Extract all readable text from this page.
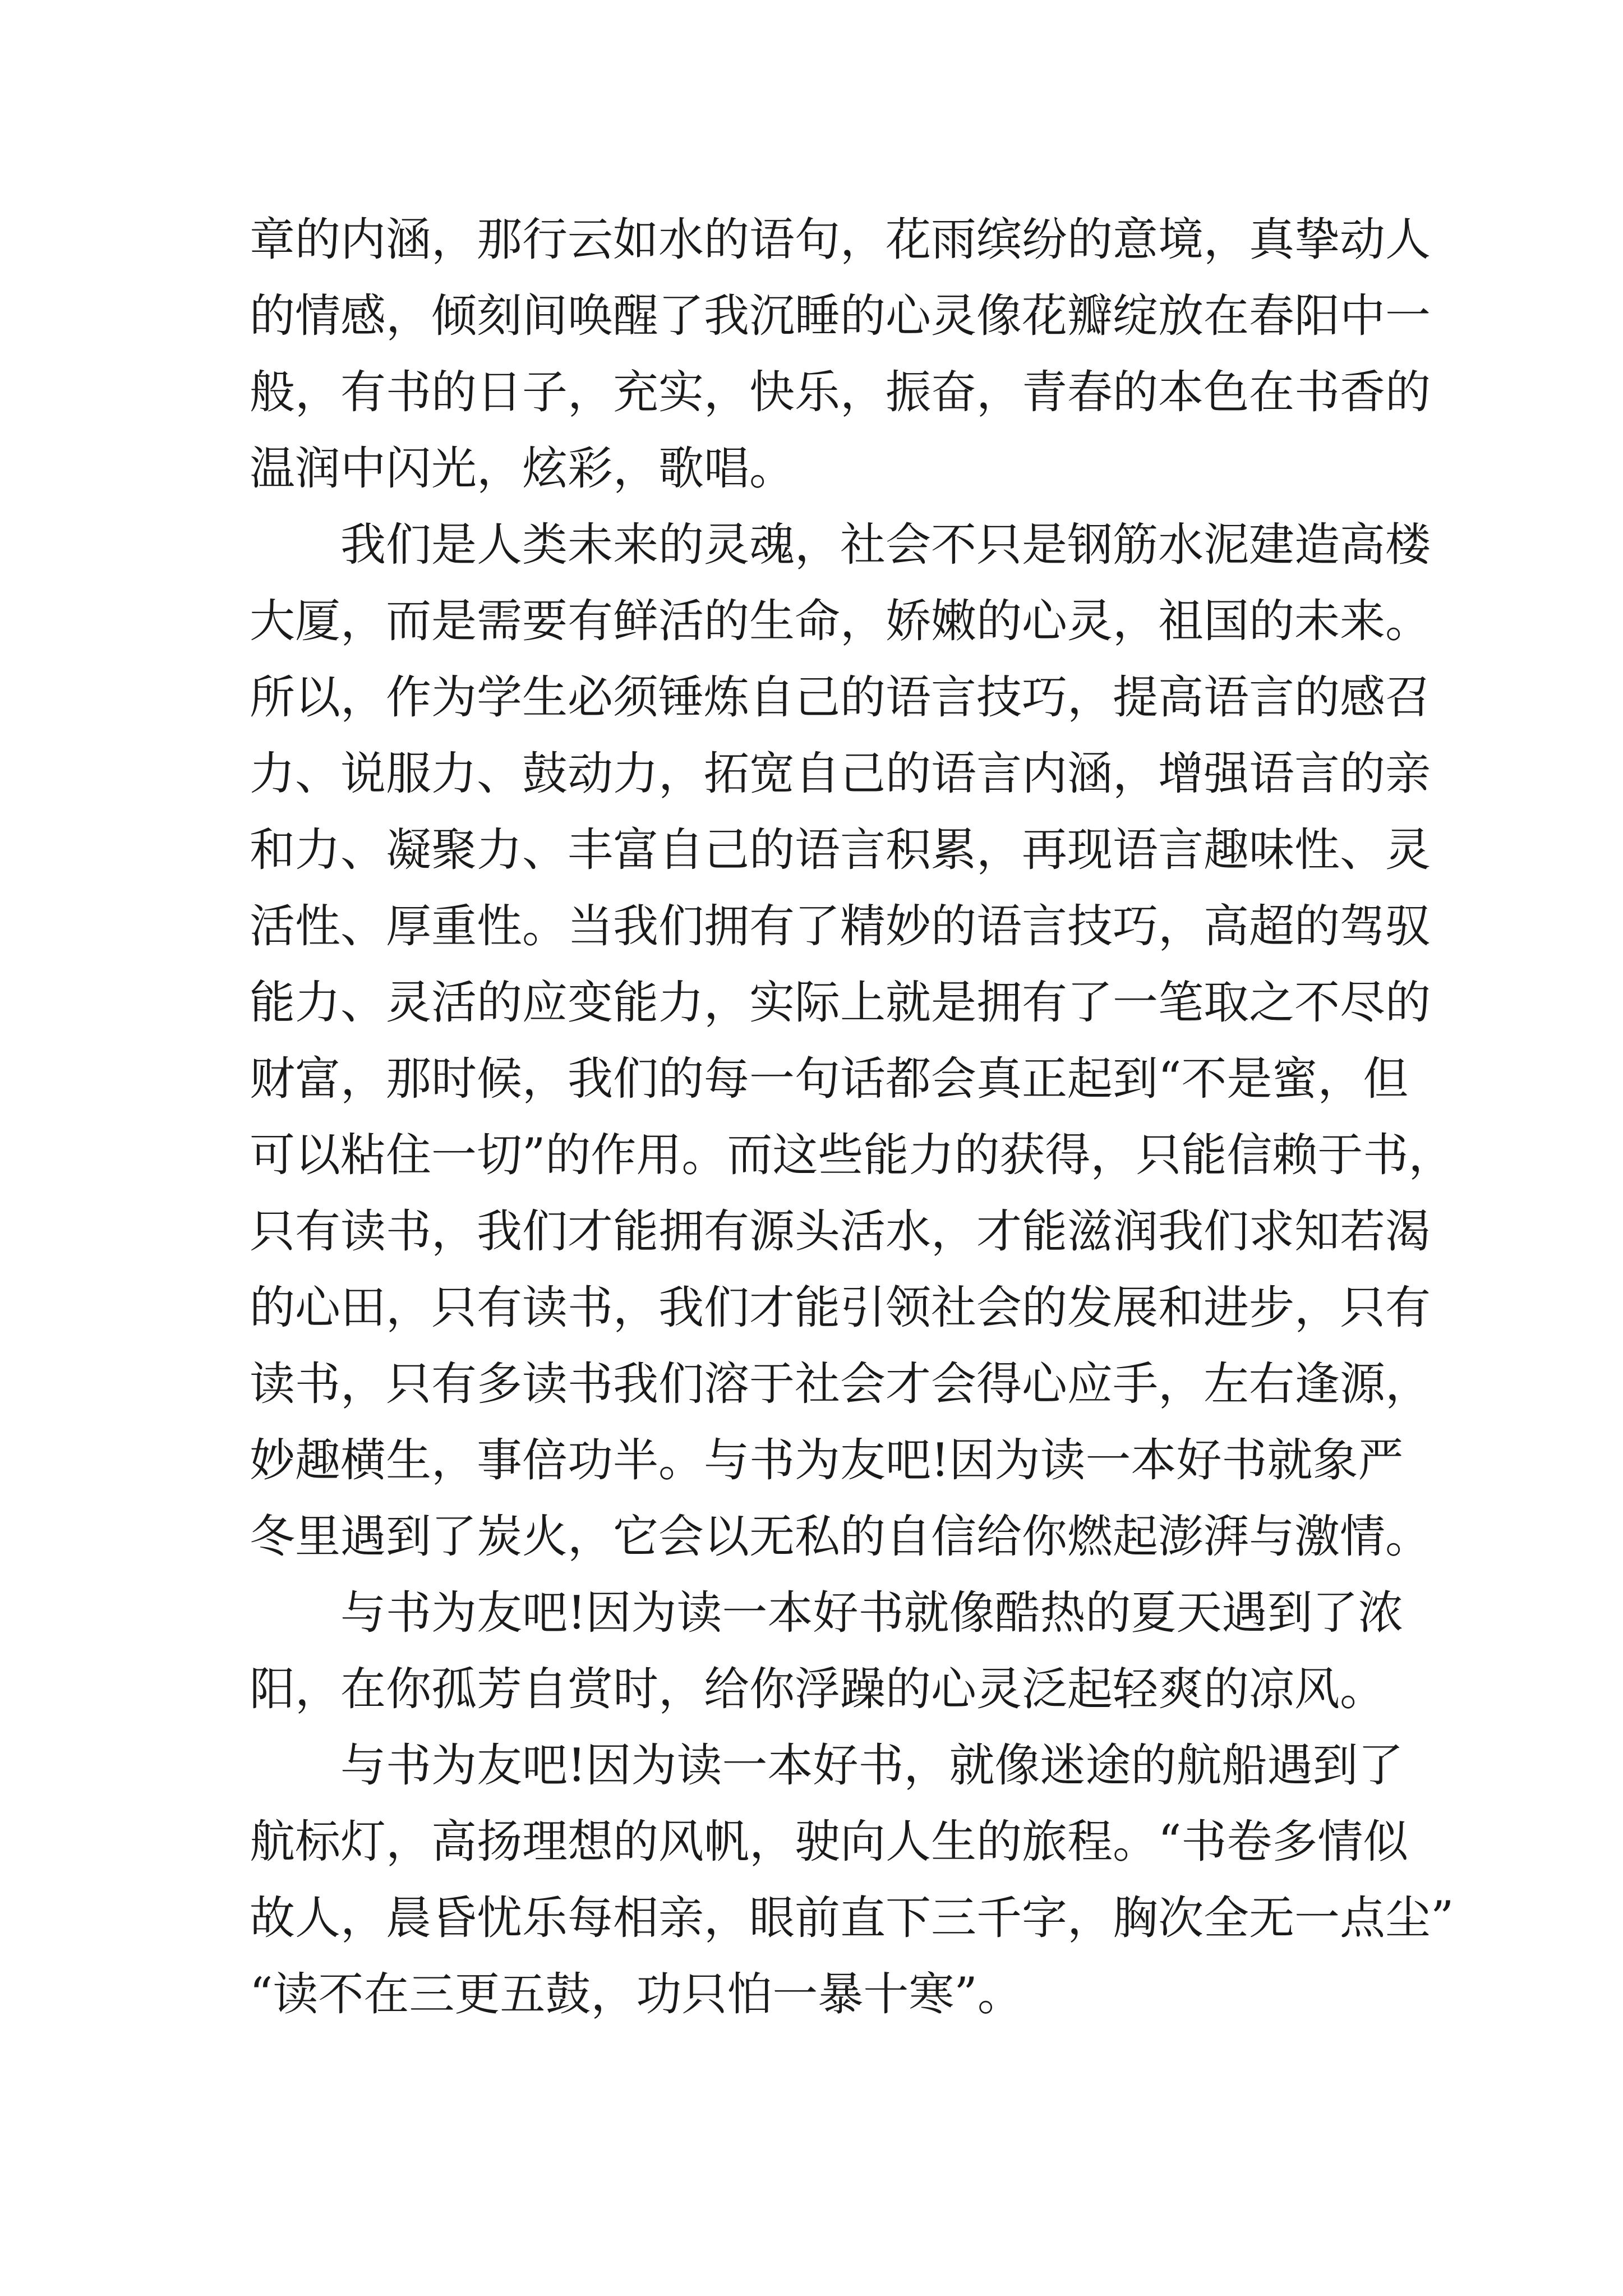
章的内涵，那行云如水的语句，花雨缤纷的意境，真挚动人
的情感，倾刻间唤醒了我沉睡的心灵像花瓣绽放在春阳中一
般，有书的日子，充实，快乐，振奋，青春的本色在书香的
温润中闪光，炫彩，歌唱。
我们是人类未来的灵魂，社会不只是钢筋水泥建造高楼
大厦，而是需要有鲜活的生命，娇嫩的心灵，祖国的未来。
所以，作为学生必须锤炼自己的语言技巧，提高语言的感召
力、说服力、鼓动力，拓宽自己的语言内涵，增强语言的亲
和力、凝聚力、丰富自己的语言积累，再现语言趣味性、灵
活性、厚重性。当我们拥有了精妙的语言技巧，高超的驾驭
能力、灵活的应变能力，实际上就是拥有了一笔取之不尽的
财富，那时候，我们的每一句话都会真正起到“不是蜜，但
可以粘住一切”的作用。而这些能力的获得，只能信赖于书，
只有读书，我们才能拥有源头活水，才能滋润我们求知若渴
的心田，只有读书，我们才能引领社会的发展和进步，只有
读书，只有多读书我们溶于社会才会得心应手，左右逢源，
妙趣横生，事倍功半。与书为友吧!因为读一本好书就象严
冬里遇到了炭火，它会以无私的自信给你燃起澎湃与激情。
与书为友吧!因为读一本好书就像酷热的夏天遇到了浓
阳，在你孤芳自赏时，给你浮躁的心灵泛起轻爽的凉风。
与书为友吧!因为读一本好书，就像迷途的航船遇到了
航标灯，高扬理想的风帆，驶向人生的旅程。“书卷多情似
故人，晨昏忧乐每相亲，眼前直下三千字，胸次全无一点尘”
“读不在三更五鼓，功只怕一暴十寒”。
